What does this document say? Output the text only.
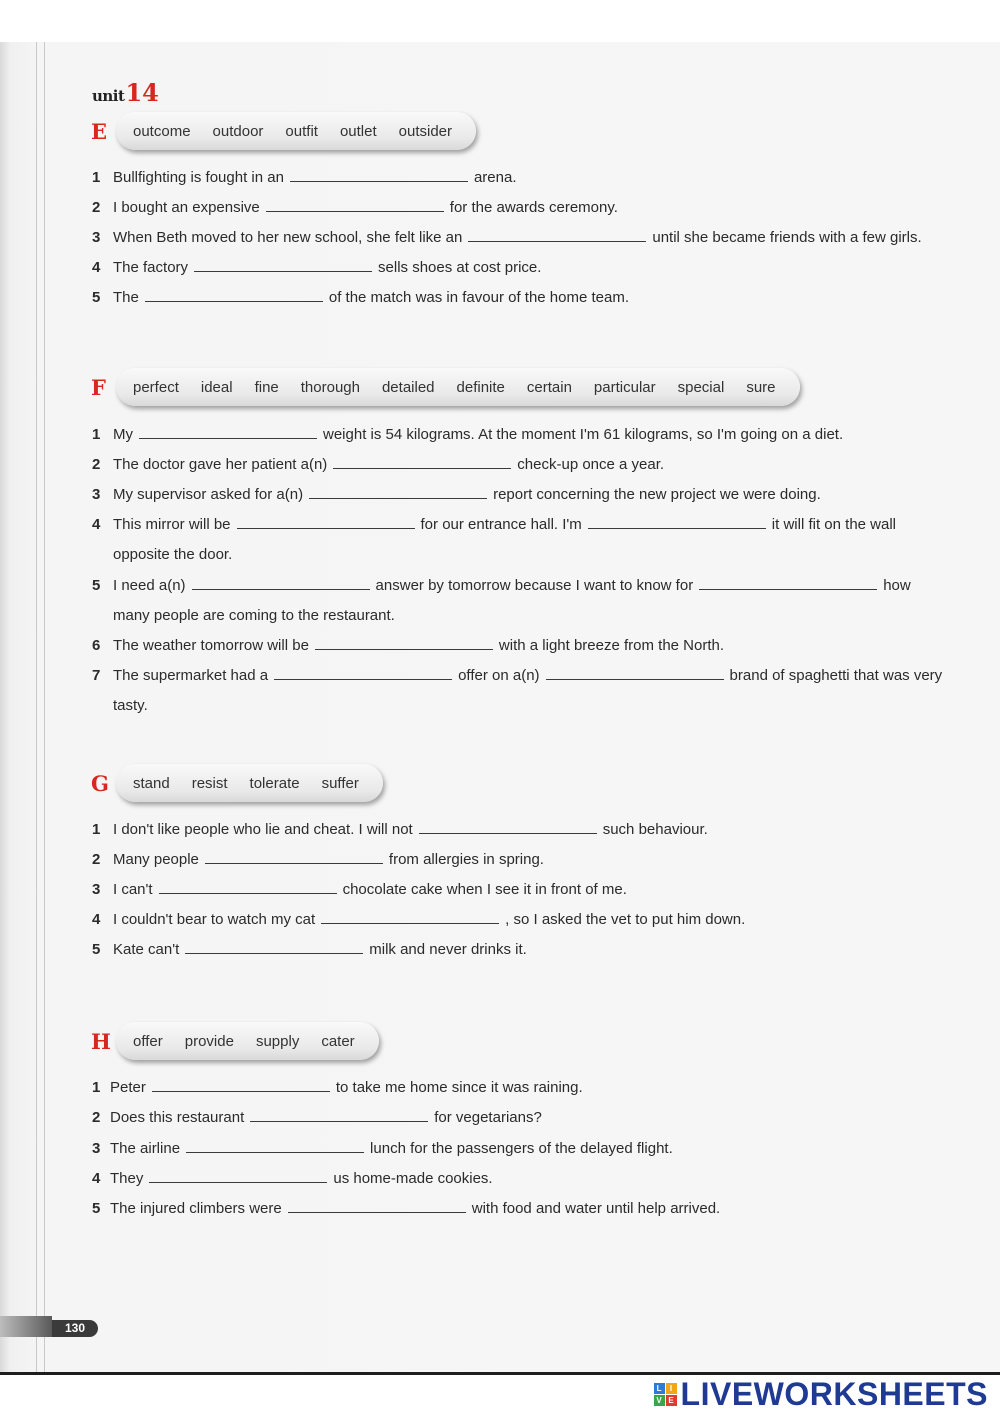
unit14
E outcome outdoor outfit outlet outsider
1 Bullfighting is fought in an	arena.
2 I bought an expensive	for the awards ceremony.
3 When Beth moved to her new school, she felt like an	until she became friends with a few girls.
4 The factory	sells shoes at cost price.
5 The	of the match was in favour of the home team.
F perfect ideal fine thorough detailed definite certain particular special sure
1 My	weight is 54 kilograms. At the moment I'm 61 kilograms, so I'm going on a diet.
2 The doctor gave her patient a(n)	check-up once a year.
3 My supervisor asked for a(n)	report concerning the new project we were doing.
4 This mirror will be	for our entrance hall. I'm	it will fit on the wall opposite the door.
5 I need a(n)	answer by tomorrow because I want to know for	how many people are coming to the restaurant.
6 The weather tomorrow will be	with a light breeze from the North.
7 The supermarket had a	offer on a(n)	brand of spaghetti that was very tasty.
G stand resist tolerate suffer
1 I don't like people who lie and cheat. I will not	such behaviour.
2 Many people	from allergies in spring.
3 I can't	chocolate cake when I see it in front of me.
4 I couldn't bear to watch my cat	, so I asked the vet to put him down.
5 Kate can't	milk and never drinks it.
H offer provide supply cater
1 Peter	to take me home since it was raining.
2 Does this restaurant	for vegetarians?
3 The airline	lunch for the passengers of the delayed flight.
4 They	us home-made cookies.
5 The injured climbers were	with food and water until help arrived.
130
L	I
V E LIVEWORKSHEETS
